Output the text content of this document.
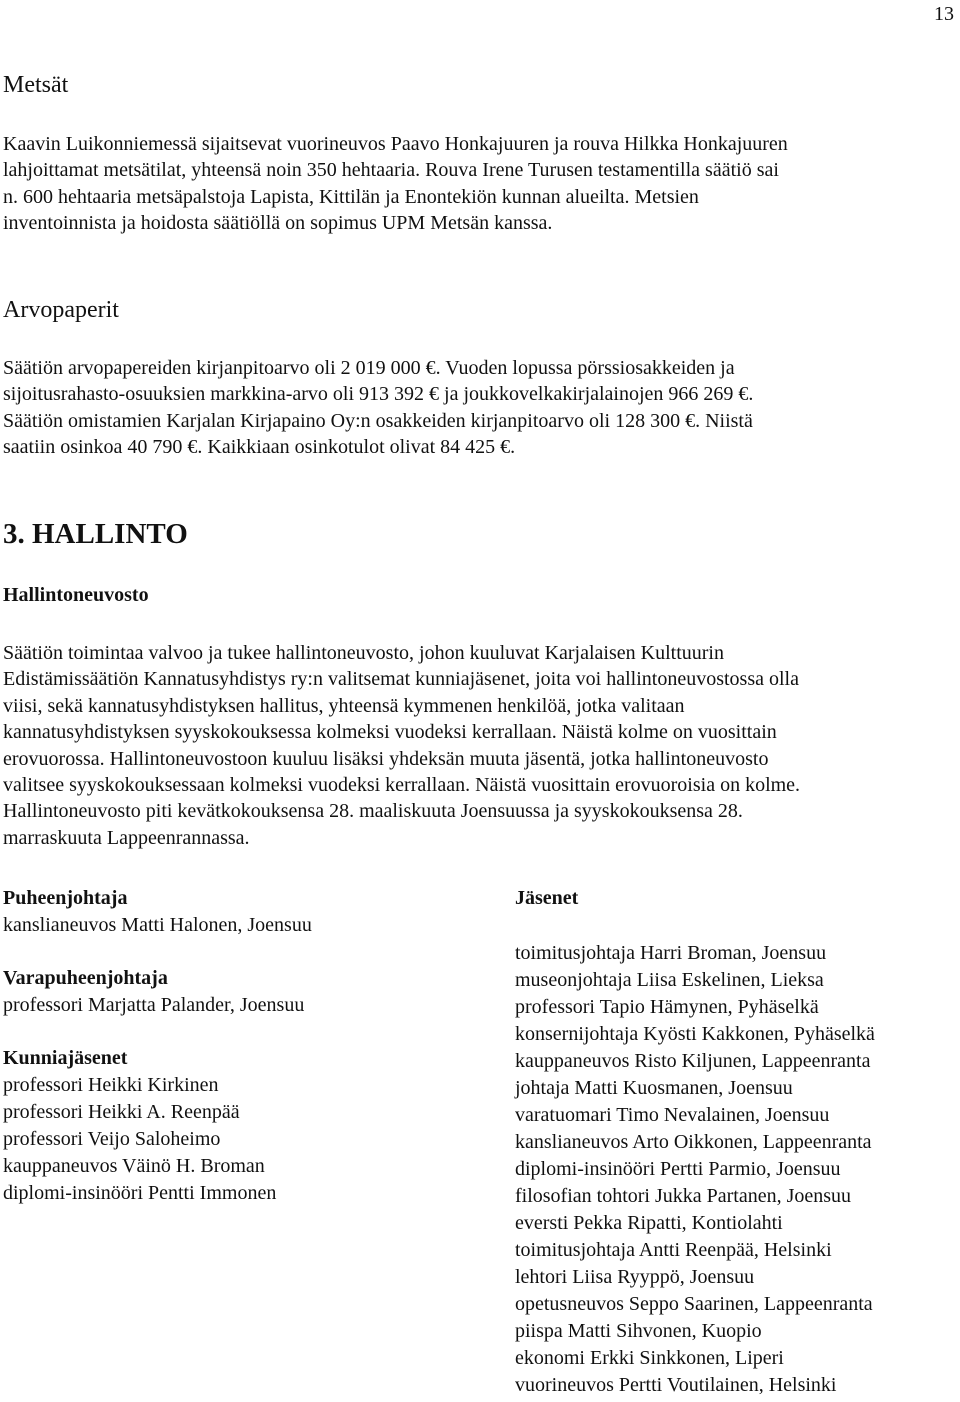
13
Metsät

Kaavin Luikonniemessä sijaitsevat vuorineuvos Paavo Honkajuuren ja rouva Hilkka Honkajuuren
lahjoittamat metsätilat, yhteensä noin 350 hehtaaria. Rouva Irene Turusen testamentilla säätiö sai
n. 600 hehtaaria metsäpalstoja Lapista, Kittilän ja Enontekiön kunnan alueilta. Metsien
inventoinnista ja hoidosta säätiöllä on sopimus UPM Metsän kanssa.

Arvopaperit

Säätiön arvopapereiden kirjanpitoarvo oli 2 019 000 €. Vuoden lopussa pörssiosakkeiden ja
sijoitusrahasto-osuuksien markkina-arvo oli 913 392 € ja joukkovelkakirjalainojen 966 269 €.
Säätiön omistamien Karjalan Kirjapaino Oy:n osakkeiden kirjanpitoarvo oli 128 300 €. Niistä
saatiin osinkoa 40 790 €. Kaikkiaan osinkotulot olivat 84 425 €.

3. HALLINTO
Hallintoneuvosto

Säätiön toimintaa valvoo ja tukee hallintoneuvosto, johon kuuluvat Karjalaisen Kulttuurin
Edistämissäätiön Kannatusyhdistys ry:n valitsemat kunniajäsenet, joita voi hallintoneuvostossa olla
viisi, sekä kannatusyhdistyksen hallitus, yhteensä kymmenen henkilöä, jotka valitaan
kannatusyhdistyksen syyskokouksessa kolmeksi vuodeksi kerrallaan. Näistä kolme on vuosittain
erovuorossa. Hallintoneuvostoon kuuluu lisäksi yhdeksän muuta jäsentä, jotka hallintoneuvosto
valitsee syyskokouksessaan kolmeksi vuodeksi kerrallaan. Näistä vuosittain erovuoroisia on kolme.
Hallintoneuvosto piti kevätkokouksensa 28. maaliskuuta Joensuussa ja syyskokouksensa 28.
marraskuuta Lappeenrannassa.

Puheenjohtaja
kanslianeuvos Matti Halonen, Joensuu
Varapuheenjohtaja
professori Marjatta Palander, Joensuu
Kunniajäsenet
professori Heikki Kirkinen
professori Heikki A. Reenpää
professori Veijo Saloheimo
kauppaneuvos Väinö H. Broman
diplomi-insinööri Pentti Immonen
Jäsenet
toimitusjohtaja Harri Broman, Joensuu
museonjohtaja Liisa Eskelinen, Lieksa
professori Tapio Hämynen, Pyhäselkä
konsernijohtaja Kyösti Kakkonen, Pyhäselkä
kauppaneuvos Risto Kiljunen, Lappeenranta
johtaja Matti Kuosmanen, Joensuu
varatuomari Timo Nevalainen, Joensuu
kanslianeuvos Arto Oikkonen, Lappeenranta
diplomi-insinööri Pertti Parmio, Joensuu
filosofian tohtori Jukka Partanen, Joensuu
eversti Pekka Ripatti, Kontiolahti
toimitusjohtaja Antti Reenpää, Helsinki
lehtori Liisa Ryyppö, Joensuu
opetusneuvos Seppo Saarinen, Lappeenranta
piispa Matti Sihvonen, Kuopio
ekonomi Erkki Sinkkonen, Liperi
vuorineuvos Pertti Voutilainen, Helsinki
